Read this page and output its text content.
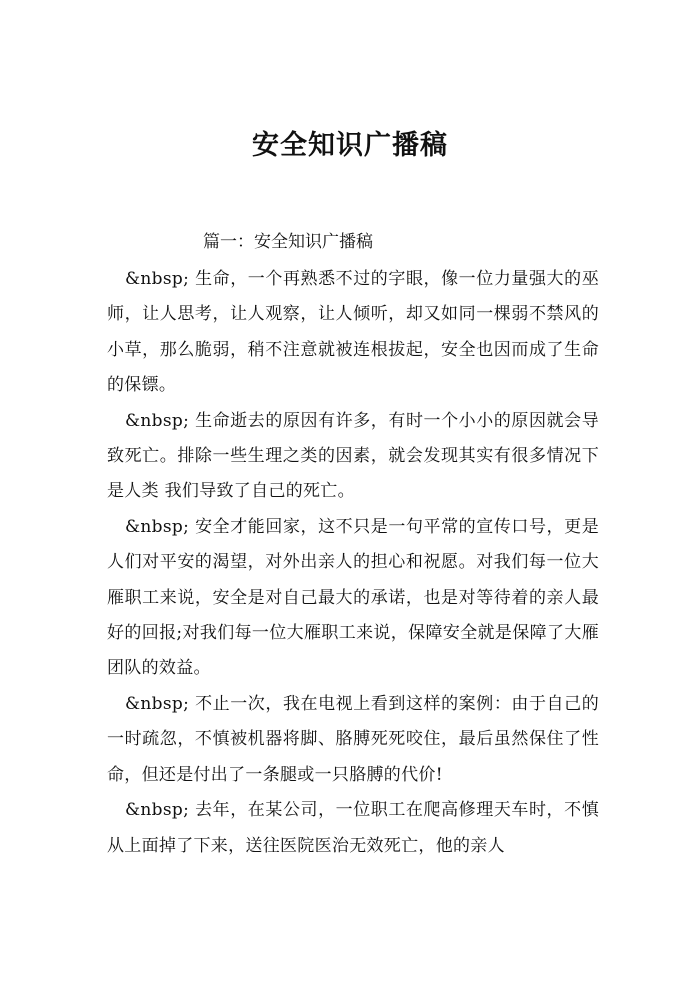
安全知识广播稿

篇一：安全知识广播稿

&nbsp; 生命，一个再熟悉不过的字眼，像一位力量强大的巫师，让人思考，让人观察，让人倾听，却又如同一棵弱不禁风的小草，那么脆弱，稍不注意就被连根拔起，安全也因而成了生命的保镖。

&nbsp; 生命逝去的原因有许多，有时一个小小的原因就会导致死亡。排除一些生理之类的因素，就会发现其实有很多情况下是人类 我们导致了自己的死亡。

&nbsp; 安全才能回家，这不只是一句平常的宣传口号，更是人们对平安的渴望，对外出亲人的担心和祝愿。对我们每一位大雁职工来说，安全是对自己最大的承诺，也是对等待着的亲人最好的回报;对我们每一位大雁职工来说，保障安全就是保障了大雁团队的效益。

&nbsp; 不止一次，我在电视上看到这样的案例：由于自己的一时疏忽，不慎被机器将脚、胳膊死死咬住，最后虽然保住了性命，但还是付出了一条腿或一只胳膊的代价!

&nbsp; 去年，在某公司，一位职工在爬高修理天车时，不慎从上面掉了下来，送往医院医治无效死亡，他的亲人
